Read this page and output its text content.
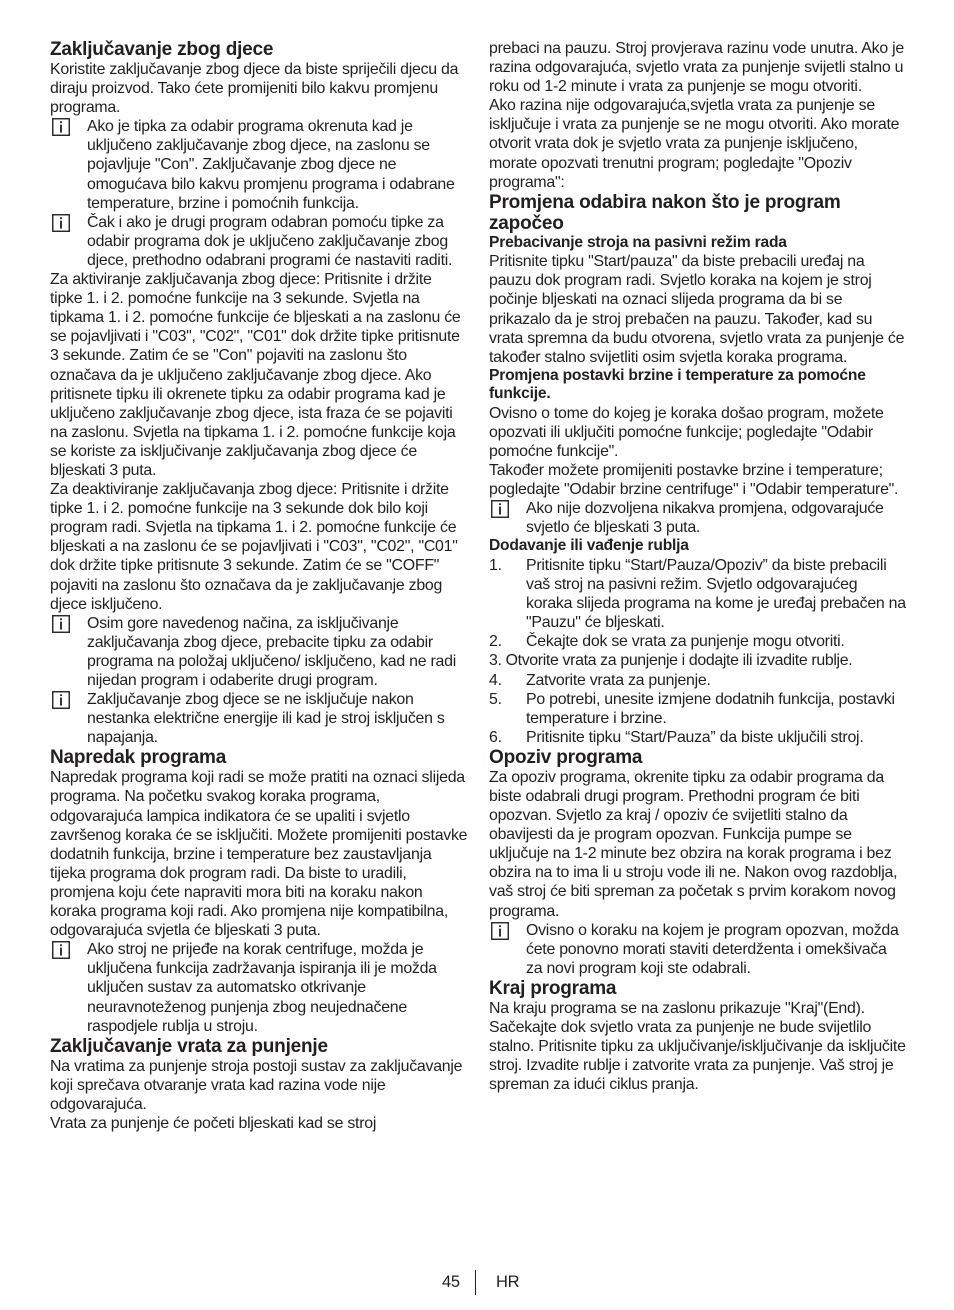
Zaključavanje zbog djece

Koristite zaključavanje zbog djece da biste spriječili djecu da diraju proizvod. Tako ćete promijeniti bilo kakvu promjenu programa.

Ako je tipka za odabir programa okrenuta kad je uključeno zaključavanje zbog djece, na zaslonu se pojavljuje "Con". Zaključavanje zbog djece ne omogućava bilo kakvu promjenu programa i odabrane temperature, brzine i pomoćnih funkcija.
Čak i ako je drugi program odabran pomoću tipke za odabir programa dok je uključeno zaključavanje zbog djece, prethodno odabrani programi će nastaviti raditi.

Za aktiviranje zaključavanja zbog djece: Pritisnite i držite tipke 1. i 2. pomoćne funkcije na 3 sekunde. Svjetla na tipkama 1. i 2. pomoćne funkcije će bljeskati a na zaslonu će se pojavljivati i "C03", "C02", "C01" dok držite tipke pritisnute 3 sekunde. Zatim će se "Con" pojaviti na zaslonu što označava da je uključeno zaključavanje zbog djece. Ako pritisnete tipku ili okrenete tipku za odabir programa kad je uključeno zaključavanje zbog djece, ista fraza će se pojaviti na zaslonu. Svjetla na tipkama 1. i 2. pomoćne funkcije koja se koriste za isključivanje zaključavanja zbog djece će bljeskati 3 puta.

Za deaktiviranje zaključavanja zbog djece: Pritisnite i držite tipke 1. i 2. pomoćne funkcije na 3 sekunde dok bilo koji program radi. Svjetla na tipkama 1. i 2. pomoćne funkcije će bljeskati a na zaslonu će se pojavljivati i "C03", "C02", "C01" dok držite tipke pritisnute 3 sekunde. Zatim će se "COFF" pojaviti na zaslonu što označava da je zaključavanje zbog djece isključeno.

Osim gore navedenog načina, za isključivanje zaključavanja zbog djece, prebacite tipku za odabir programa na položaj uključeno/ isključeno, kad ne radi nijedan program i odaberite drugi program.
Zaključavanje zbog djece se ne isključuje nakon nestanka električne energije ili kad je stroj isključen s napajanja.
Napredak programa

Napredak programa koji radi se može pratiti na oznaci slijeda programa. Na početku svakog koraka programa, odgovarajuća lampica indikatora će se upaliti i svjetlo završenog koraka će se isključiti. Možete promijeniti postavke dodatnih funkcija, brzine i temperature bez zaustavljanja tijeka programa dok program radi. Da biste to uradili, promjena koju ćete napraviti mora biti na koraku nakon koraka programa koji radi. Ako promjena nije kompatibilna, odgovarajuća svjetla će bljeskati 3 puta.

Ako stroj ne prijeđe na korak centrifuge, možda je uključena funkcija zadržavanja ispiranja ili je možda uključen sustav za automatsko otkrivanje neuravnoteženog punjenja zbog neujednačene raspodjele rublja u stroju.
Zaključavanje vrata za punjenje

Na vratima za punjenje stroja postoji sustav za zaključavanje koji sprečava otvaranje vrata kad razina vode nije odgovarajuća.

Vrata za punjenje će početi bljeskati kad se stroj

prebaci na pauzu. Stroj provjerava razinu vode unutra. Ako je razina odgovarajuća, svjetlo vrata za punjenje svijetli stalno u roku od 1-2 minute i vrata za punjenje se mogu otvoriti.

Ako razina nije odgovarajuća,svjetla vrata za punjenje se isključuje i vrata za punjenje se ne mogu otvoriti. Ako morate otvorit vrata dok je svjetlo vrata za punjenje isključeno, morate opozvati trenutni program; pogledajte "Opoziv programa":

Promjena odabira nakon što je program započeo
Prebacivanje stroja na pasivni režim rada

Pritisnite tipku "Start/pauza" da biste prebacili uređaj na pauzu dok program radi. Svjetlo koraka na kojem je stroj počinje bljeskati na oznaci slijeda programa da bi se prikazalo da je stroj prebačen na pauzu. Također, kad su vrata spremna da budu otvorena, svjetlo vrata za punjenje će također stalno svijetliti osim svjetla koraka programa.

Promjena postavki brzine i temperature za pomoćne funkcije.

Ovisno o tome do kojeg je koraka došao program, možete opozvati ili uključiti pomoćne funkcije; pogledajte "Odabir pomoćne funkcije".

Također možete promijeniti postavke brzine i temperature; pogledajte "Odabir brzine centrifuge" i "Odabir temperature".

Ako nije dozvoljena nikakva promjena, odgovarajuće svjetlo će bljeskati 3 puta.
Dodavanje ili vađenje rublja
1. Pritisnite tipku “Start/Pauza/Opoziv” da biste prebacili vaš stroj na pasivni režim. Svjetlo odgovarajućeg koraka slijeda programa na kome je uređaj prebačen na "Pauzu" će bljeskati.
2. Čekajte dok se vrata za punjenje mogu otvoriti.
3. Otvorite vrata za punjenje i dodajte ili izvadite rublje.
4. Zatvorite vrata za punjenje.
5. Po potrebi, unesite izmjene dodatnih funkcija, postavki temperature i brzine.
6. Pritisnite tipku “Start/Pauza” da biste uključili stroj.
Opoziv programa

Za opoziv programa, okrenite tipku za odabir programa da biste odabrali drugi program. Prethodni program će biti opozvan. Svjetlo za kraj / opoziv će svijetliti stalno da obavijesti da je program opozvan. Funkcija pumpe se uključuje na 1-2 minute bez obzira na korak programa i bez obzira na to ima li u stroju vode ili ne. Nakon ovog razdoblja, vaš stroj će biti spreman za početak s prvim korakom novog programa.

Ovisno o koraku na kojem je program opozvan, možda ćete ponovno morati staviti deterdženta i omekšivača za novi program koji ste odabrali.
Kraj programa

Na kraju programa se na zaslonu prikazuje "Kraj"(End). Sačekajte dok svjetlo vrata za punjenje ne bude svijetlilo stalno. Pritisnite tipku za uključivanje/isključivanje da isključite stroj. Izvadite rublje i zatvorite vrata za punjenje. Vaš stroj je spreman za idući ciklus pranja.

45 HR
